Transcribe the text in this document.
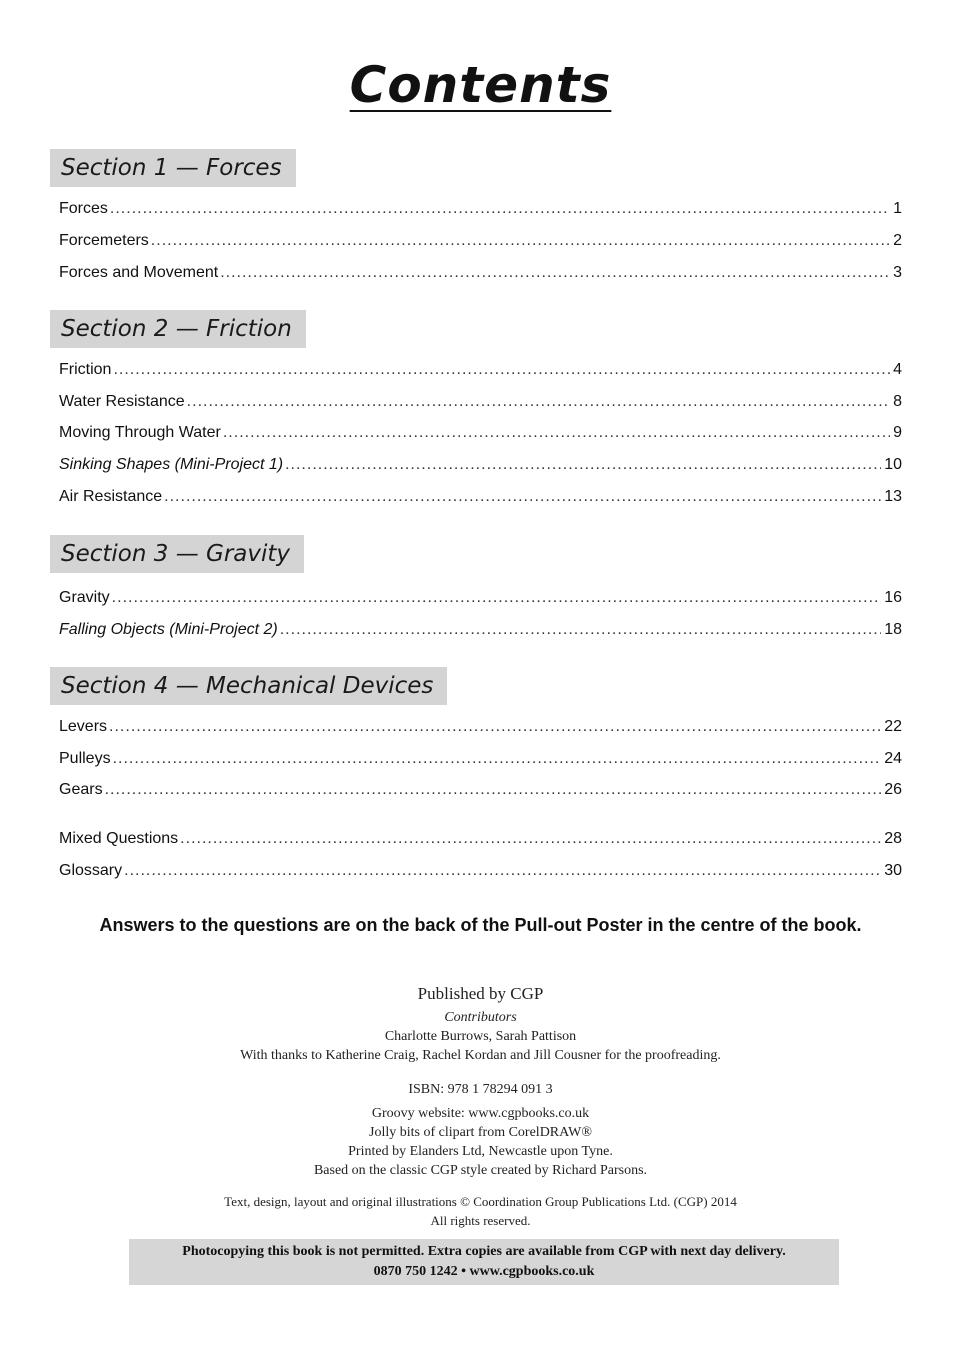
Contents
Section 1 — Forces
Forces .....	1
Forcemeters .....	2
Forces and Movement .....	3
Section 2 — Friction
Friction .....	4
Water Resistance .....	8
Moving Through Water .....	9
Sinking Shapes (Mini-Project 1) .....	10
Air Resistance .....	13
Section 3 — Gravity
Gravity .....	16
Falling Objects (Mini-Project 2) .....	18
Section 4 — Mechanical Devices
Levers .....	22
Pulleys .....	24
Gears .....	26
Mixed Questions .....	28
Glossary .....	30
Answers to the questions are on the back of the Pull-out Poster in the centre of the book.
Published by CGP
Contributors
Charlotte Burrows, Sarah Pattison
With thanks to Katherine Craig, Rachel Kordan and Jill Cousner for the proofreading.
ISBN: 978 1 78294 091 3
Groovy website: www.cgpbooks.co.uk
Jolly bits of clipart from CorelDRAW®
Printed by Elanders Ltd, Newcastle upon Tyne.
Based on the classic CGP style created by Richard Parsons.
Text, design, layout and original illustrations © Coordination Group Publications Ltd. (CGP) 2014
All rights reserved.
Photocopying this book is not permitted. Extra copies are available from CGP with next day delivery.
0870 750 1242 • www.cgpbooks.co.uk
